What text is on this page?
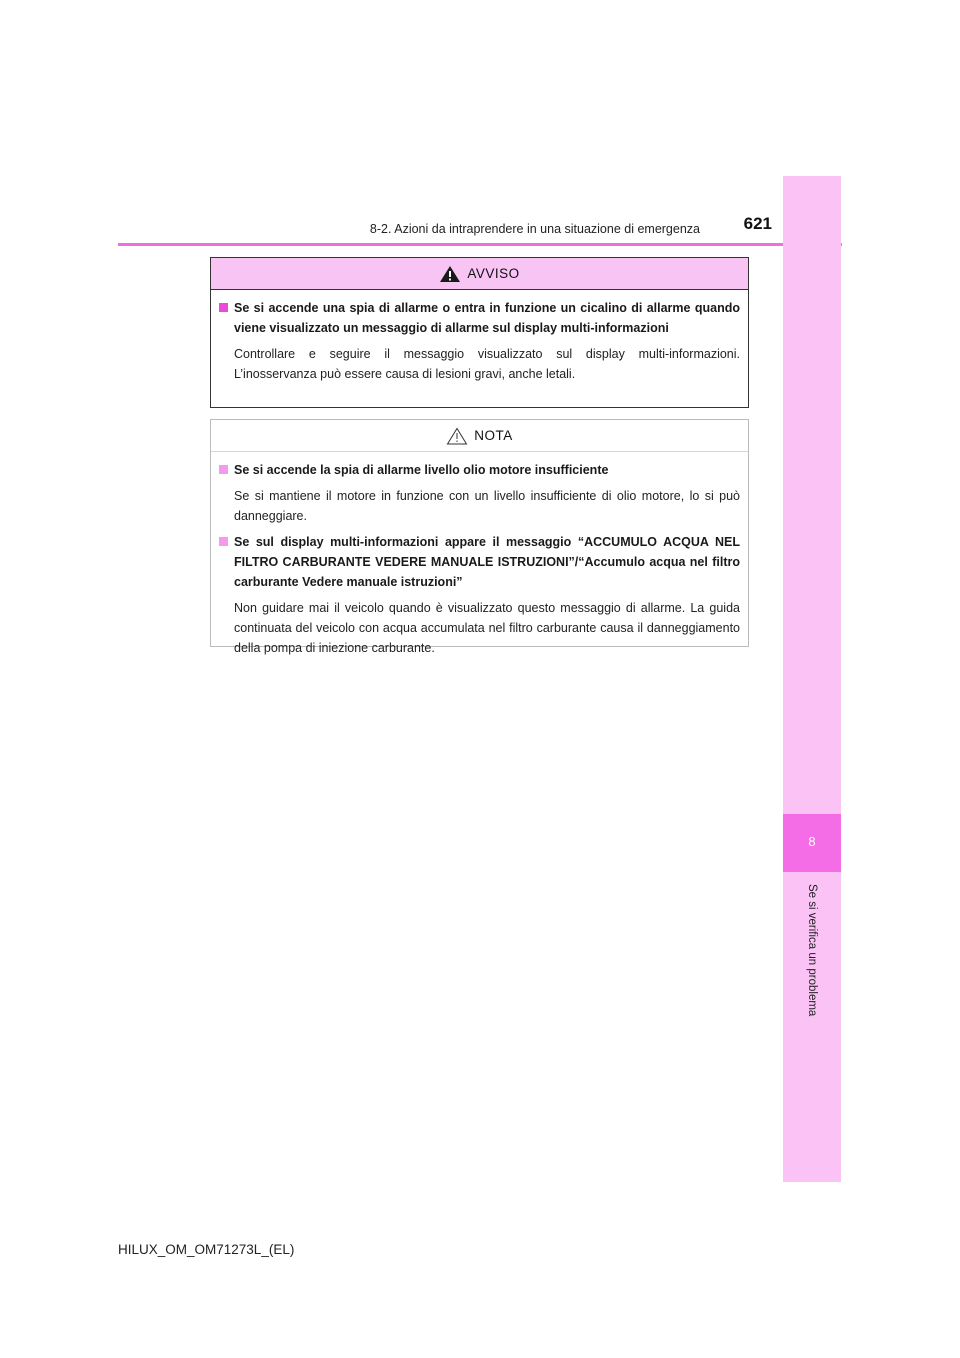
621
8-2. Azioni da intraprendere in una situazione di emergenza
8
Se si verifica un problema
AVVISO
Se si accende una spia di allarme o entra in funzione un cicalino di allarme quando viene visualizzato un messaggio di allarme sul display multi-informazioni
Controllare e seguire il messaggio visualizzato sul display multi-informazioni. L’inosservanza può essere causa di lesioni gravi, anche letali.
NOTA
Se si accende la spia di allarme livello olio motore insufficiente
Se si mantiene il motore in funzione con un livello insufficiente di olio motore, lo si può danneggiare.
Se sul display multi-informazioni appare il messaggio “ACCUMULO ACQUA NEL FILTRO CARBURANTE VEDERE MANUALE ISTRUZIONI”/“Accumulo acqua nel filtro carburante Vedere manuale istruzioni”
Non guidare mai il veicolo quando è visualizzato questo messaggio di allarme. La guida continuata del veicolo con acqua accumulata nel filtro carburante causa il danneggiamento della pompa di iniezione carburante.
HILUX_OM_OM71273L_(EL)
